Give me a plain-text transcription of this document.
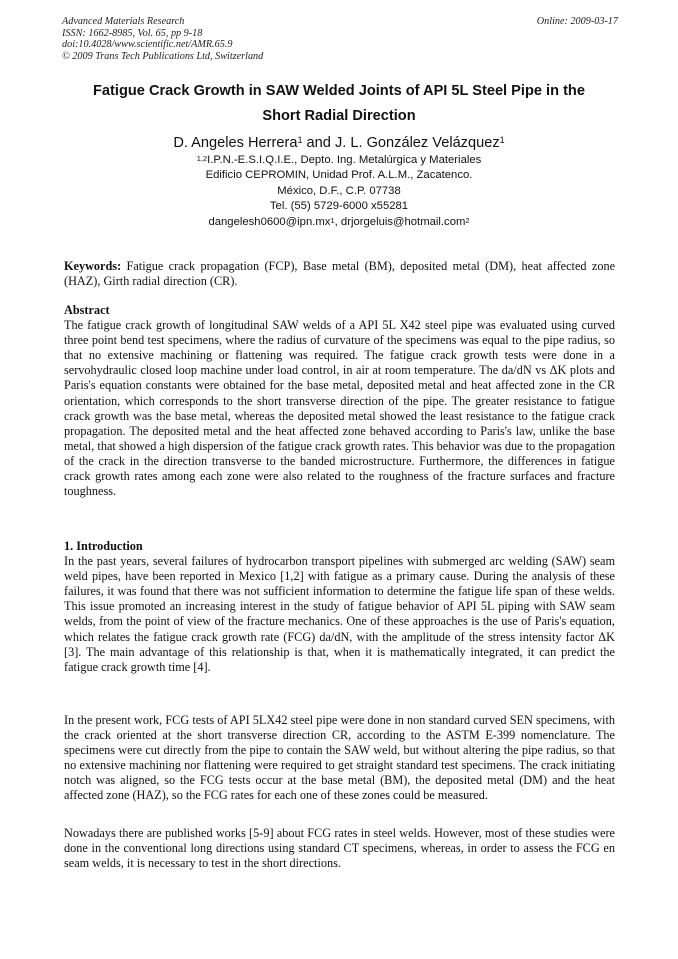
Advanced Materials Research
ISSN: 1662-8985, Vol. 65, pp 9-18
doi:10.4028/www.scientific.net/AMR.65.9
© 2009 Trans Tech Publications Ltd, Switzerland
Online: 2009-03-17
Fatigue Crack Growth in SAW Welded Joints of API 5L Steel Pipe in the
Short Radial Direction
D. Angeles Herrera$^1$ and J. L. González Velázquez$^1$
$^{1,2}$I.P.N.-E.S.I.Q.I.E., Depto. Ing. Metalúrgica y Materiales
Edificio CEPROMIN, Unidad Prof. A.L.M., Zacatenco.
México, D.F., C.P. 07738
Tel. (55) 5729-6000 x55281
$dangelesh0600@ipn.mx^1$, drjorgeluis@hotmail.com$^2$
Keywords: Fatigue crack propagation (FCP), Base metal (BM), deposited metal (DM), heat affected zone (HAZ), Girth radial direction (CR).
Abstract

The fatigue crack growth of longitudinal SAW welds of a API 5L X42 steel pipe was evaluated using curved three point bend test specimens, where the radius of curvature of the specimens was equal to the pipe radius, so that no extensive machining or flattening was required. The fatigue crack growth tests were done in a servohydraulic closed loop machine under load control, in air at room temperature. The da/dN vs ΔK plots and Paris's equation constants were obtained for the base metal, deposited metal and heat affected zone in the CR orientation, which corresponds to the short transverse direction of the pipe. The greater resistance to fatigue crack growth was the base metal, whereas the deposited metal showed the least resistance to the fatigue crack propagation. The deposited metal and the heat affected zone behaved according to Paris's law, unlike the base metal, that showed a high dispersion of the fatigue crack growth rates. This behavior was due to the propagation of the crack in the direction transverse to the banded microstructure. Furthermore, the differences in fatigue crack growth rates among each zone were also related to the roughness of the fracture surfaces and fracture toughness.

1. Introduction

In the past years, several failures of hydrocarbon transport pipelines with submerged arc welding (SAW) seam weld pipes, have been reported in Mexico [1,2] with fatigue as a primary cause. During the analysis of these failures, it was found that there was not sufficient information to determine the fatigue life span of these welds. This issue promoted an increasing interest in the study of fatigue behavior of API 5L piping with SAW seam welds, from the point of view of the fracture mechanics. One of these approaches is the use of Paris's equation, which relates the fatigue crack growth rate (FCG) da/dN, with the amplitude of the stress intensity factor ΔK [3]. The main advantage of this relationship is that, when it is mathematically integrated, it can predict the fatigue crack growth time [4].

In the present work, FCG tests of API 5LX42 steel pipe were done in non standard curved SEN specimens, with the crack oriented at the short transverse direction CR, according to the ASTM E-399 nomenclature. The specimens were cut directly from the pipe to contain the SAW weld, but without altering the pipe radius, so that no extensive machining nor flattening were required to get straight standard test specimens. The crack initiating notch was aligned, so the FCG tests occur at the base metal (BM), the deposited metal (DM) and the heat affected zone (HAZ), so the FCG rates for each one of these zones could be measured.

Nowadays there are published works [5-9] about FCG rates in steel welds. However, most of these studies were done in the conventional long directions using standard CT specimens, whereas, in order to assess the FCG en seam welds, it is necessary to test in the short directions.
